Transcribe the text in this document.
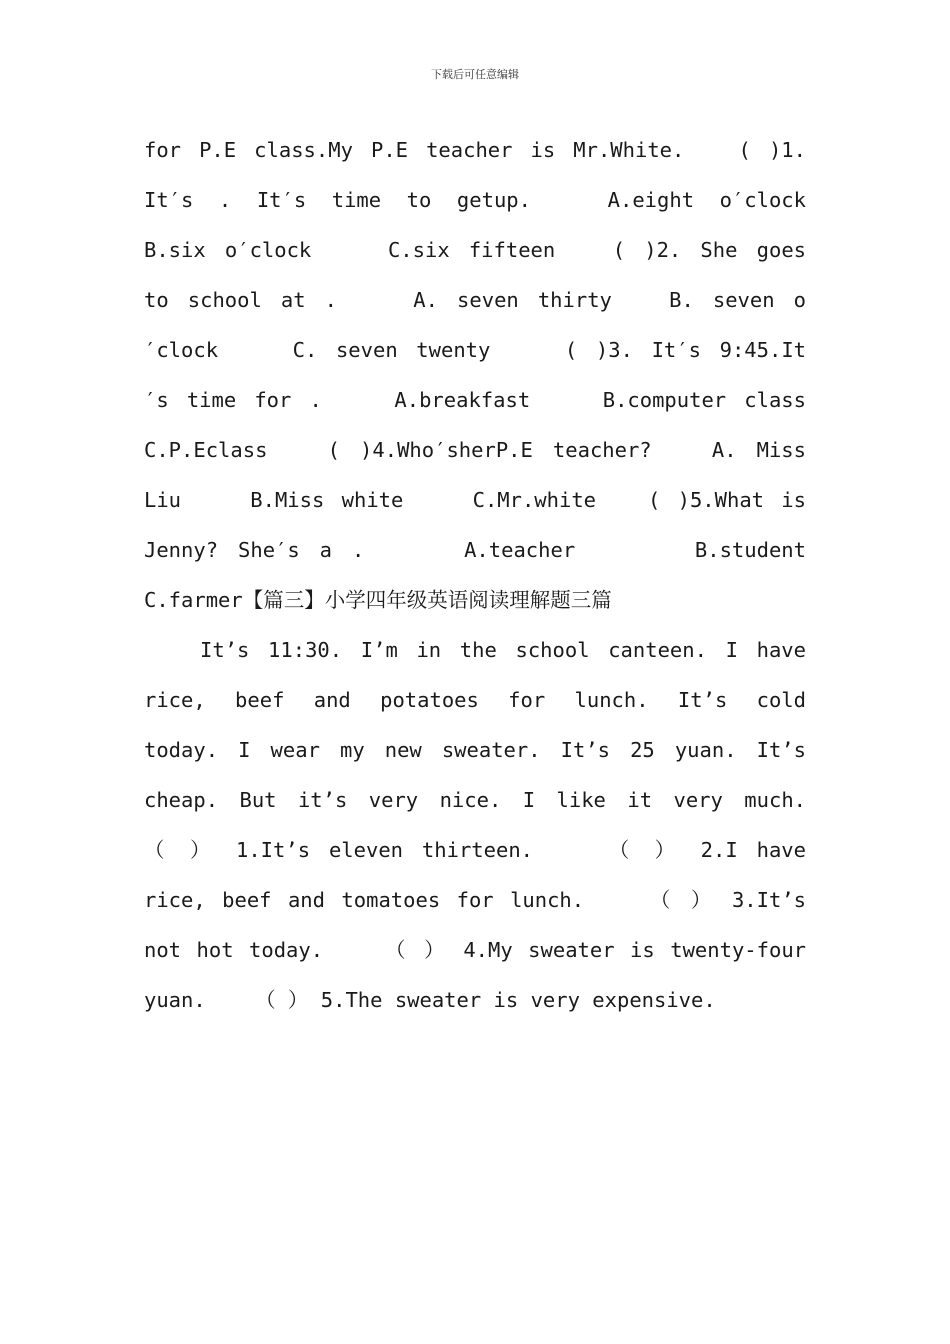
下载后可任意编辑
for P.E class.My P.E teacher is Mr.White.   ( )1.
It′s . It′s time to getup.   A.eight o′clock
B.six o′clock    C.six fifteen   ( )2. She goes
to school at .    A. seven thirty   B. seven o
′clock    C. seven twenty    ( )3. It′s 9:45.It
′s time for .    A.breakfast    B.computer class
C.P.Eclass   ( )4.Who′sherP.E teacher?   A. Miss
Liu    B.Miss white    C.Mr.white   ( )5.What is
Jenny? She′s a .     A.teacher      B.student
C.farmer【篇三】小学四年级英语阅读理解题三篇
It’s 11:30. I’m in the school canteen. I have
rice, beef and potatoes for lunch. It’s cold
today. I wear my new sweater. It’s 25 yuan. It’s
cheap. But it’s very nice. I like it very much.
（ ） 1.It’s eleven thirteen.    （ ） 2.I have
rice, beef and tomatoes for lunch.    （ ） 3.It’s
not hot today.    （ ） 4.My sweater is twenty-four
yuan.    （ ） 5.The sweater is very expensive.
